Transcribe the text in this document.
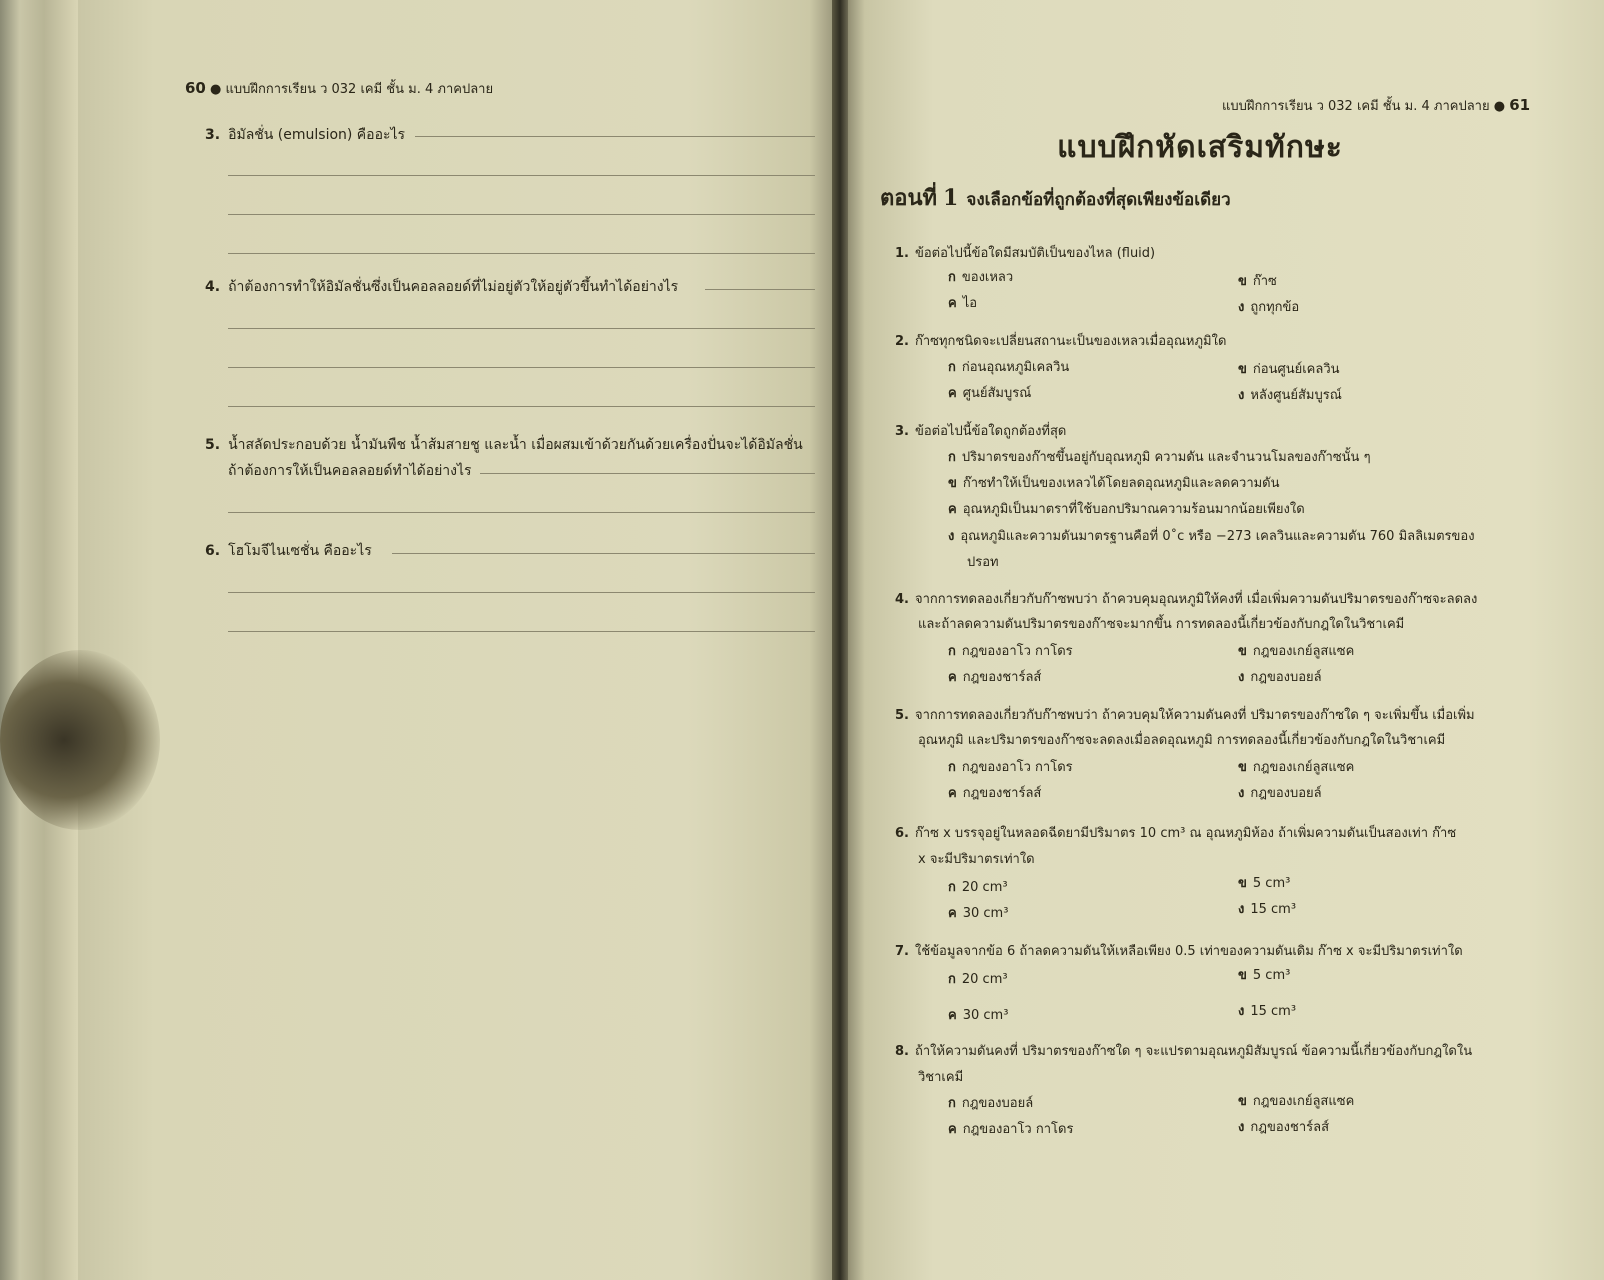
60 ● แบบฝึกการเรียน ว 032 เคมี ชั้น ม. 4 ภาคปลาย
3. อิมัลชั่น (emulsion) คืออะไร
4. ถ้าต้องการทำให้อิมัลชั่นซึ่งเป็นคอลลอยด์ที่ไม่อยู่ตัวให้อยู่ตัวขึ้นทำได้อย่างไร
5. น้ำสลัดประกอบด้วย น้ำมันพืช น้ำส้มสายชู และน้ำ เมื่อผสมเข้าด้วยกันด้วยเครื่องปั่นจะได้อิมัลชั่น
ถ้าต้องการให้เป็นคอลลอยด์ทำได้อย่างไร
6. โฮโมจีไนเซชั่น คืออะไร
แบบฝึกการเรียน ว 032 เคมี ชั้น ม. 4 ภาคปลาย ● 61
แบบฝึกหัดเสริมทักษะ
ตอนที่ 1 จงเลือกข้อที่ถูกต้องที่สุดเพียงข้อเดียว
1. ข้อต่อไปนี้ข้อใดมีสมบัติเป็นของไหล (fluid)
ก ของเหลว	ข ก๊าซ
ค ไอ	ง ถูกทุกข้อ
2. ก๊าซทุกชนิดจะเปลี่ยนสถานะเป็นของเหลวเมื่ออุณหภูมิใด
ก ก่อนอุณหภูมิเคลวิน	ข ก่อนศูนย์เคลวิน
ค ศูนย์สัมบูรณ์	ง หลังศูนย์สัมบูรณ์
3. ข้อต่อไปนี้ข้อใดถูกต้องที่สุด
ก ปริมาตรของก๊าซขึ้นอยู่กับอุณหภูมิ ความดัน และจำนวนโมลของก๊าซนั้น ๆ
ข ก๊าซทำให้เป็นของเหลวได้โดยลดอุณหภูมิและลดความดัน
ค อุณหภูมิเป็นมาตราที่ใช้บอกปริมาณความร้อนมากน้อยเพียงใด
ง อุณหภูมิและความดันมาตรฐานคือที่ 0˚c หรือ −273 เคลวินและความดัน 760 มิลลิเมตรของ
ปรอท
4. จากการทดลองเกี่ยวกับก๊าซพบว่า ถ้าควบคุมอุณหภูมิให้คงที่ เมื่อเพิ่มความดันปริมาตรของก๊าซจะลดลง
และถ้าลดความดันปริมาตรของก๊าซจะมากขึ้น การทดลองนี้เกี่ยวข้องกับกฎใดในวิชาเคมี
ก กฎของอาโว กาโดร	ข กฎของเกย์ลูสแซค
ค กฎของชาร์ลส์	ง กฎของบอยล์
5. จากการทดลองเกี่ยวกับก๊าซพบว่า ถ้าควบคุมให้ความดันคงที่ ปริมาตรของก๊าซใด ๆ จะเพิ่มขึ้น เมื่อเพิ่ม
อุณหภูมิ และปริมาตรของก๊าซจะลดลงเมื่อลดอุณหภูมิ การทดลองนี้เกี่ยวข้องกับกฎใดในวิชาเคมี
ก กฎของอาโว กาโดร	ข กฎของเกย์ลูสแซค
ค กฎของชาร์ลส์	ง กฎของบอยล์
6. ก๊าซ x บรรจุอยู่ในหลอดฉีดยามีปริมาตร 10 cm³ ณ อุณหภูมิห้อง ถ้าเพิ่มความดันเป็นสองเท่า ก๊าซ
x จะมีปริมาตรเท่าใด
ก 20 cm³	ข 5 cm³
ค 30 cm³	ง 15 cm³
7. ใช้ข้อมูลจากข้อ 6 ถ้าลดความดันให้เหลือเพียง 0.5 เท่าของความดันเดิม ก๊าซ x จะมีปริมาตรเท่าใด
ก 20 cm³	ข 5 cm³
ค 30 cm³	ง 15 cm³
8. ถ้าให้ความดันคงที่ ปริมาตรของก๊าซใด ๆ จะแปรตามอุณหภูมิสัมบูรณ์ ข้อความนี้เกี่ยวข้องกับกฎใดใน
วิชาเคมี
ก กฎของบอยล์	ข กฎของเกย์ลูสแซค
ค กฎของอาโว กาโดร	ง กฎของชาร์ลส์
